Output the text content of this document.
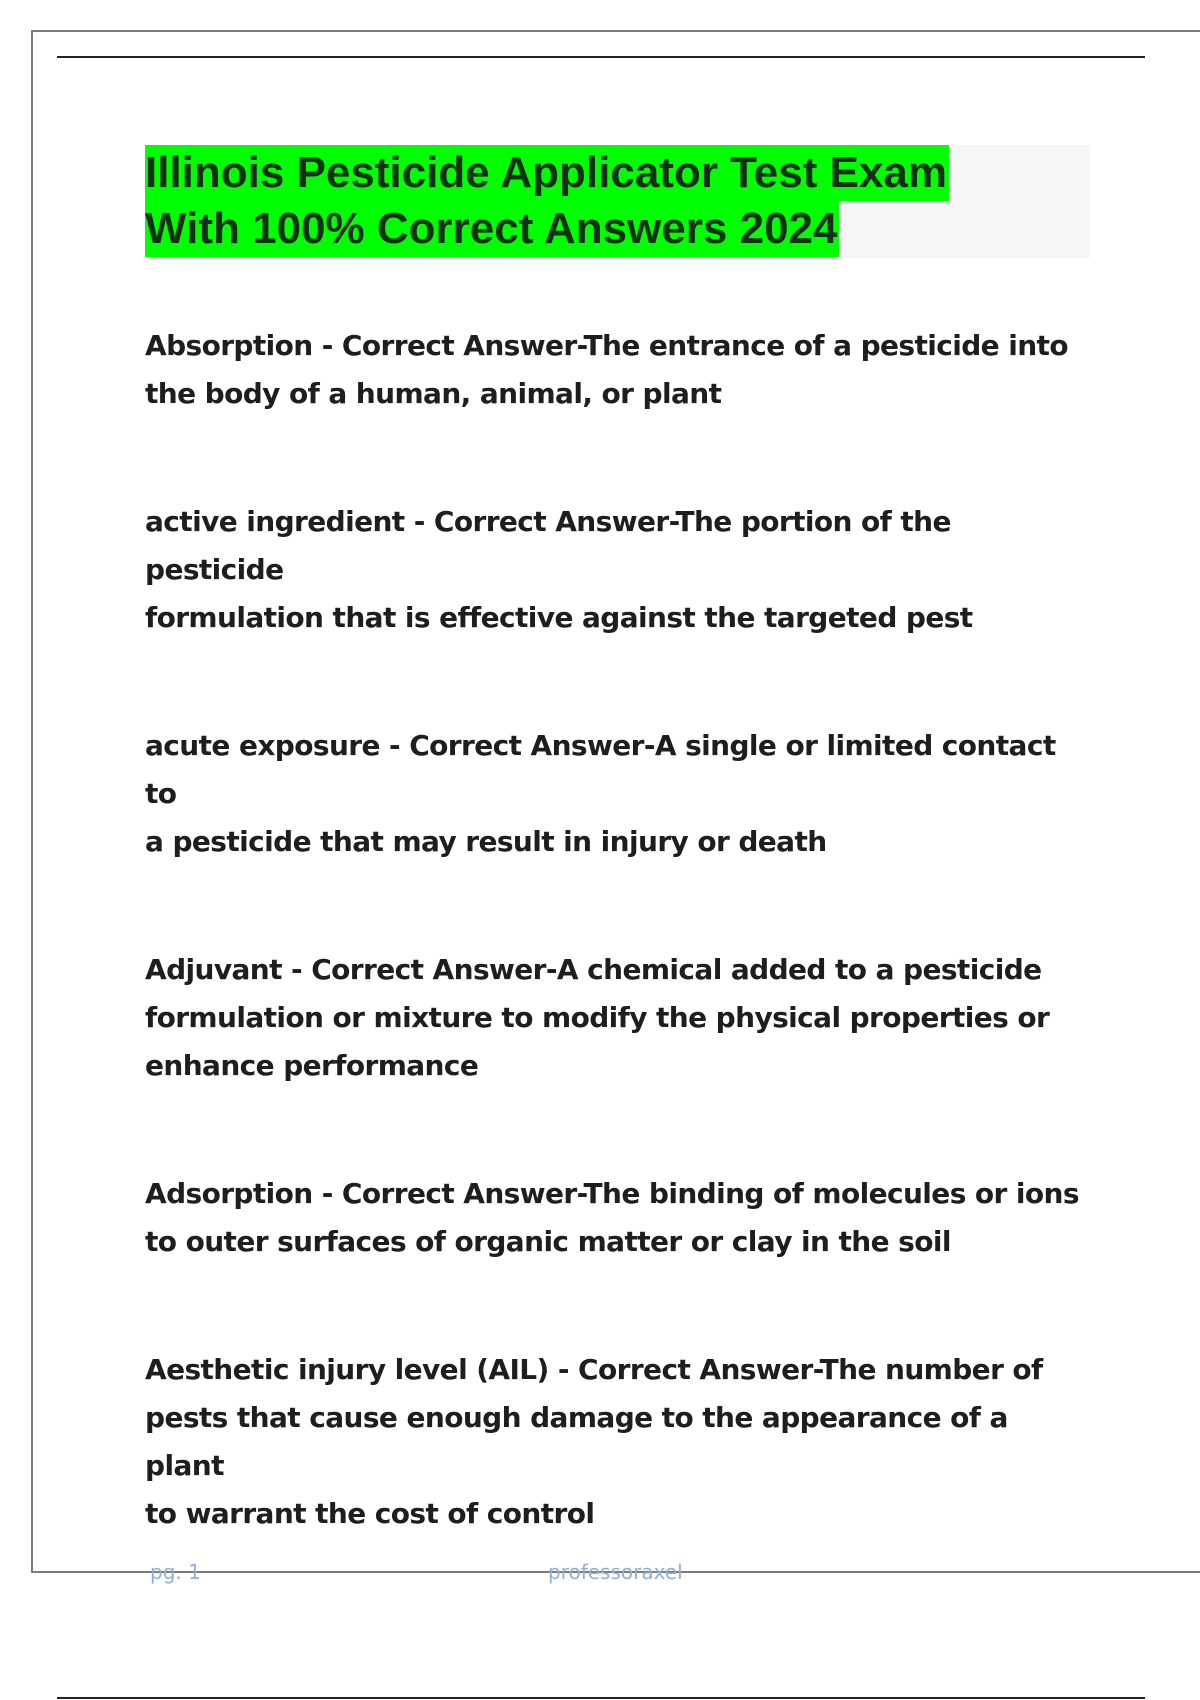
Illinois Pesticide Applicator Test Exam
With 100% Correct Answers 2024

Absorption - Correct Answer-The entrance of a pesticide into
the body of a human, animal, or plant

active ingredient - Correct Answer-The portion of the pesticide
formulation that is effective against the targeted pest

acute exposure - Correct Answer-A single or limited contact to
a pesticide that may result in injury or death

Adjuvant - Correct Answer-A chemical added to a pesticide
formulation or mixture to modify the physical properties or
enhance performance

Adsorption - Correct Answer-The binding of molecules or ions
to outer surfaces of organic matter or clay in the soil

Aesthetic injury level (AIL) - Correct Answer-The number of
pests that cause enough damage to the appearance of a plant
to warrant the cost of control

pg. 1	professoraxel
